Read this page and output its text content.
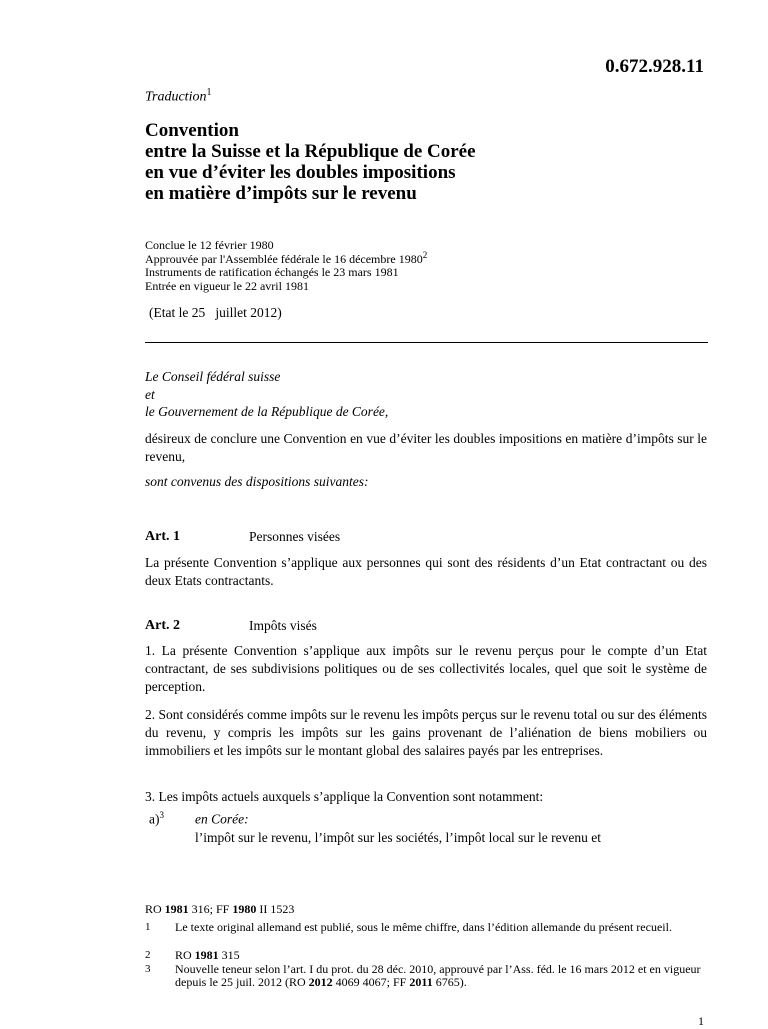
0.672.928.11
Traduction$^1$
Convention
entre la Suisse et la République de Corée
en vue d’éviter les doubles impositions
en matière d’impôts sur le revenu
Conclue le 12 février 1980
Approuvée par l'Assemblée fédérale le 16 décembre 1980$^2$
Instruments de ratification échangés le 23 mars 1981
Entrée en vigueur le 22 avril 1981
(Etat le 25   juillet 2012)
Le Conseil fédéral suisse
et
le Gouvernement de la République de Corée,
désireux de conclure une Convention en vue d’éviter les doubles impositions en matière d’impôts sur le revenu,
sont convenus des dispositions suivantes:
Art. 1	Personnes visées
La présente Convention s’applique aux personnes qui sont des résidents d’un Etat contractant ou des deux Etats contractants.
Art. 2	Impôts visés
1. La présente Convention s’applique aux impôts sur le revenu perçus pour le compte d’un Etat contractant, de ses subdivisions politiques ou de ses collectivités locales, quel que soit le système de perception.
2. Sont considérés comme impôts sur le revenu les impôts perçus sur le revenu total ou sur des éléments du revenu, y compris les impôts sur les gains provenant de l’aliénation de biens mobiliers ou immobiliers et les impôts sur le montant global des salaires payés par les entreprises.
3. Les impôts actuels auxquels s’applique la Convention sont notamment:
a)$^3$ en Corée:
l’impôt sur le revenu, l’impôt sur les sociétés, l’impôt local sur le revenu et
RO 1981 316; FF 1980 II 1523
1	Le texte original allemand est publié, sous le même chiffre, dans l’édition allemande du présent recueil.
2	RO 1981 315
3	Nouvelle teneur selon l’art. I du prot. du 28 déc. 2010, approuvé par l’Ass. féd. le 16 mars 2012 et en vigueur depuis le 25 juil. 2012 (RO 2012 4069 4067; FF 2011 6765).
1
